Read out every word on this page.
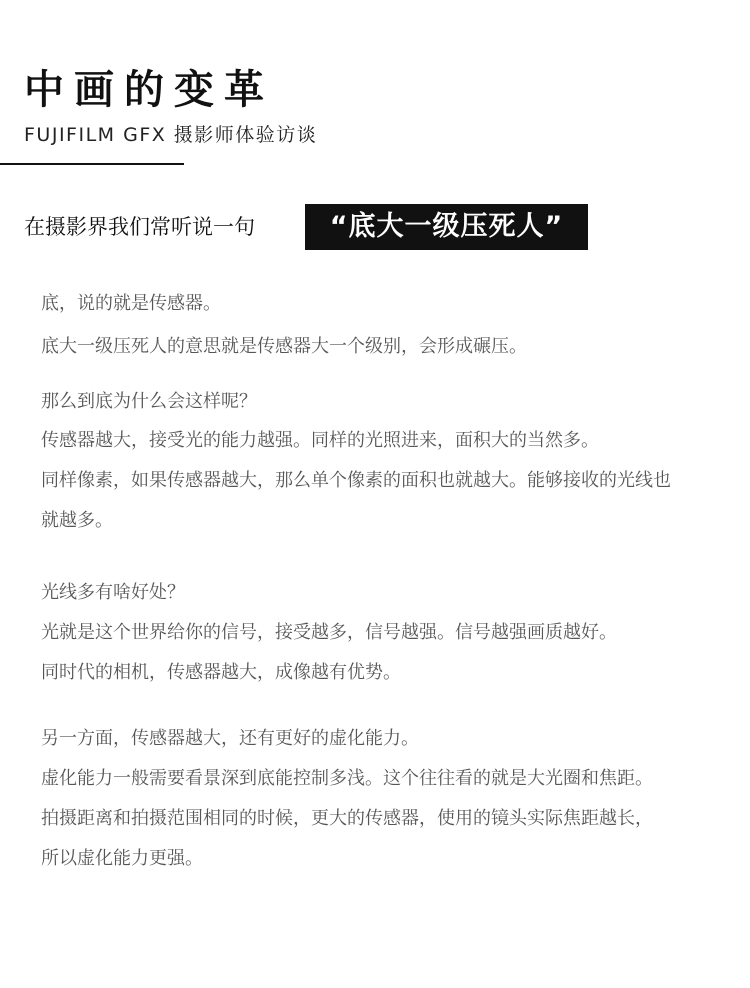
中画的变革
FUJIFILM GFX 摄影师体验访谈
在摄影界我们常听说一句	“底大一级压死人”
底，说的就是传感器。
底大一级压死人的意思就是传感器大一个级别，会形成碾压。
那么到底为什么会这样呢？
传感器越大，接受光的能力越强。同样的光照进来，面积大的当然多。
同样像素，如果传感器越大，那么单个像素的面积也就越大。能够接收的光线也
就越多。
光线多有啥好处？
光就是这个世界给你的信号，接受越多，信号越强。信号越强画质越好。
同时代的相机，传感器越大，成像越有优势。
另一方面，传感器越大，还有更好的虚化能力。
虚化能力一般需要看景深到底能控制多浅。这个往往看的就是大光圈和焦距。
拍摄距离和拍摄范围相同的时候，更大的传感器，使用的镜头实际焦距越长，
所以虚化能力更强。
